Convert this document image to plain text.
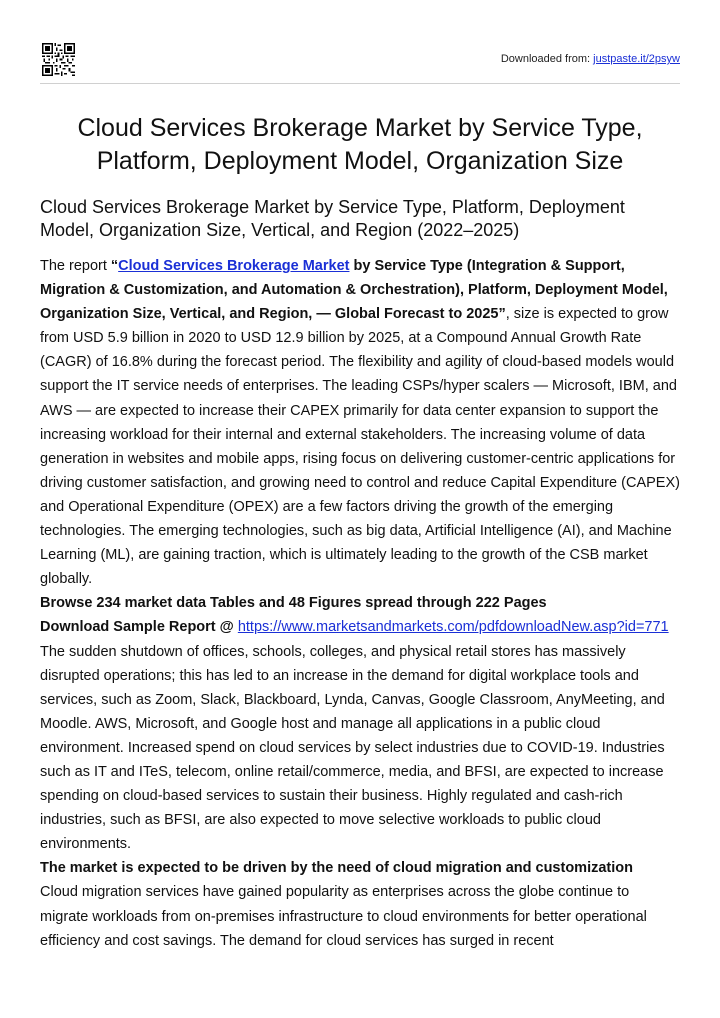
Downloaded from: justpaste.it/2psyw
Cloud Services Brokerage Market by Service Type, Platform, Deployment Model, Organization Size
Cloud Services Brokerage Market by Service Type, Platform, Deployment Model, Organization Size, Vertical, and Region (2022–2025)

The report “Cloud Services Brokerage Market by Service Type (Integration & Support, Migration & Customization, and Automation & Orchestration), Platform, Deployment Model, Organization Size, Vertical, and Region, — Global Forecast to 2025”, size is expected to grow from USD 5.9 billion in 2020 to USD 12.9 billion by 2025, at a Compound Annual Growth Rate (CAGR) of 16.8% during the forecast period. The flexibility and agility of cloud-based models would support the IT service needs of enterprises. The leading CSPs/hyper scalers — Microsoft, IBM, and AWS — are expected to increase their CAPEX primarily for data center expansion to support the increasing workload for their internal and external stakeholders. The increasing volume of data generation in websites and mobile apps, rising focus on delivering customer-centric applications for driving customer satisfaction, and growing need to control and reduce Capital Expenditure (CAPEX) and Operational Expenditure (OPEX) are a few factors driving the growth of the emerging technologies. The emerging technologies, such as big data, Artificial Intelligence (AI), and Machine Learning (ML), are gaining traction, which is ultimately leading to the growth of the CSB market globally.

Browse 234 market data Tables and 48 Figures spread through 222 Pages

Download Sample Report @ https://www.marketsandmarkets.com/pdfdownloadNew.asp?id=771

The sudden shutdown of offices, schools, colleges, and physical retail stores has massively disrupted operations; this has led to an increase in the demand for digital workplace tools and services, such as Zoom, Slack, Blackboard, Lynda, Canvas, Google Classroom, AnyMeeting, and Moodle. AWS, Microsoft, and Google host and manage all applications in a public cloud environment. Increased spend on cloud services by select industries due to COVID-19. Industries such as IT and ITeS, telecom, online retail/commerce, media, and BFSI, are expected to increase spending on cloud-based services to sustain their business. Highly regulated and cash-rich industries, such as BFSI, are also expected to move selective workloads to public cloud environments.

The market is expected to be driven by the need of cloud migration and customization

Cloud migration services have gained popularity as enterprises across the globe continue to migrate workloads from on-premises infrastructure to cloud environments for better operational efficiency and cost savings. The demand for cloud services has surged in recent
